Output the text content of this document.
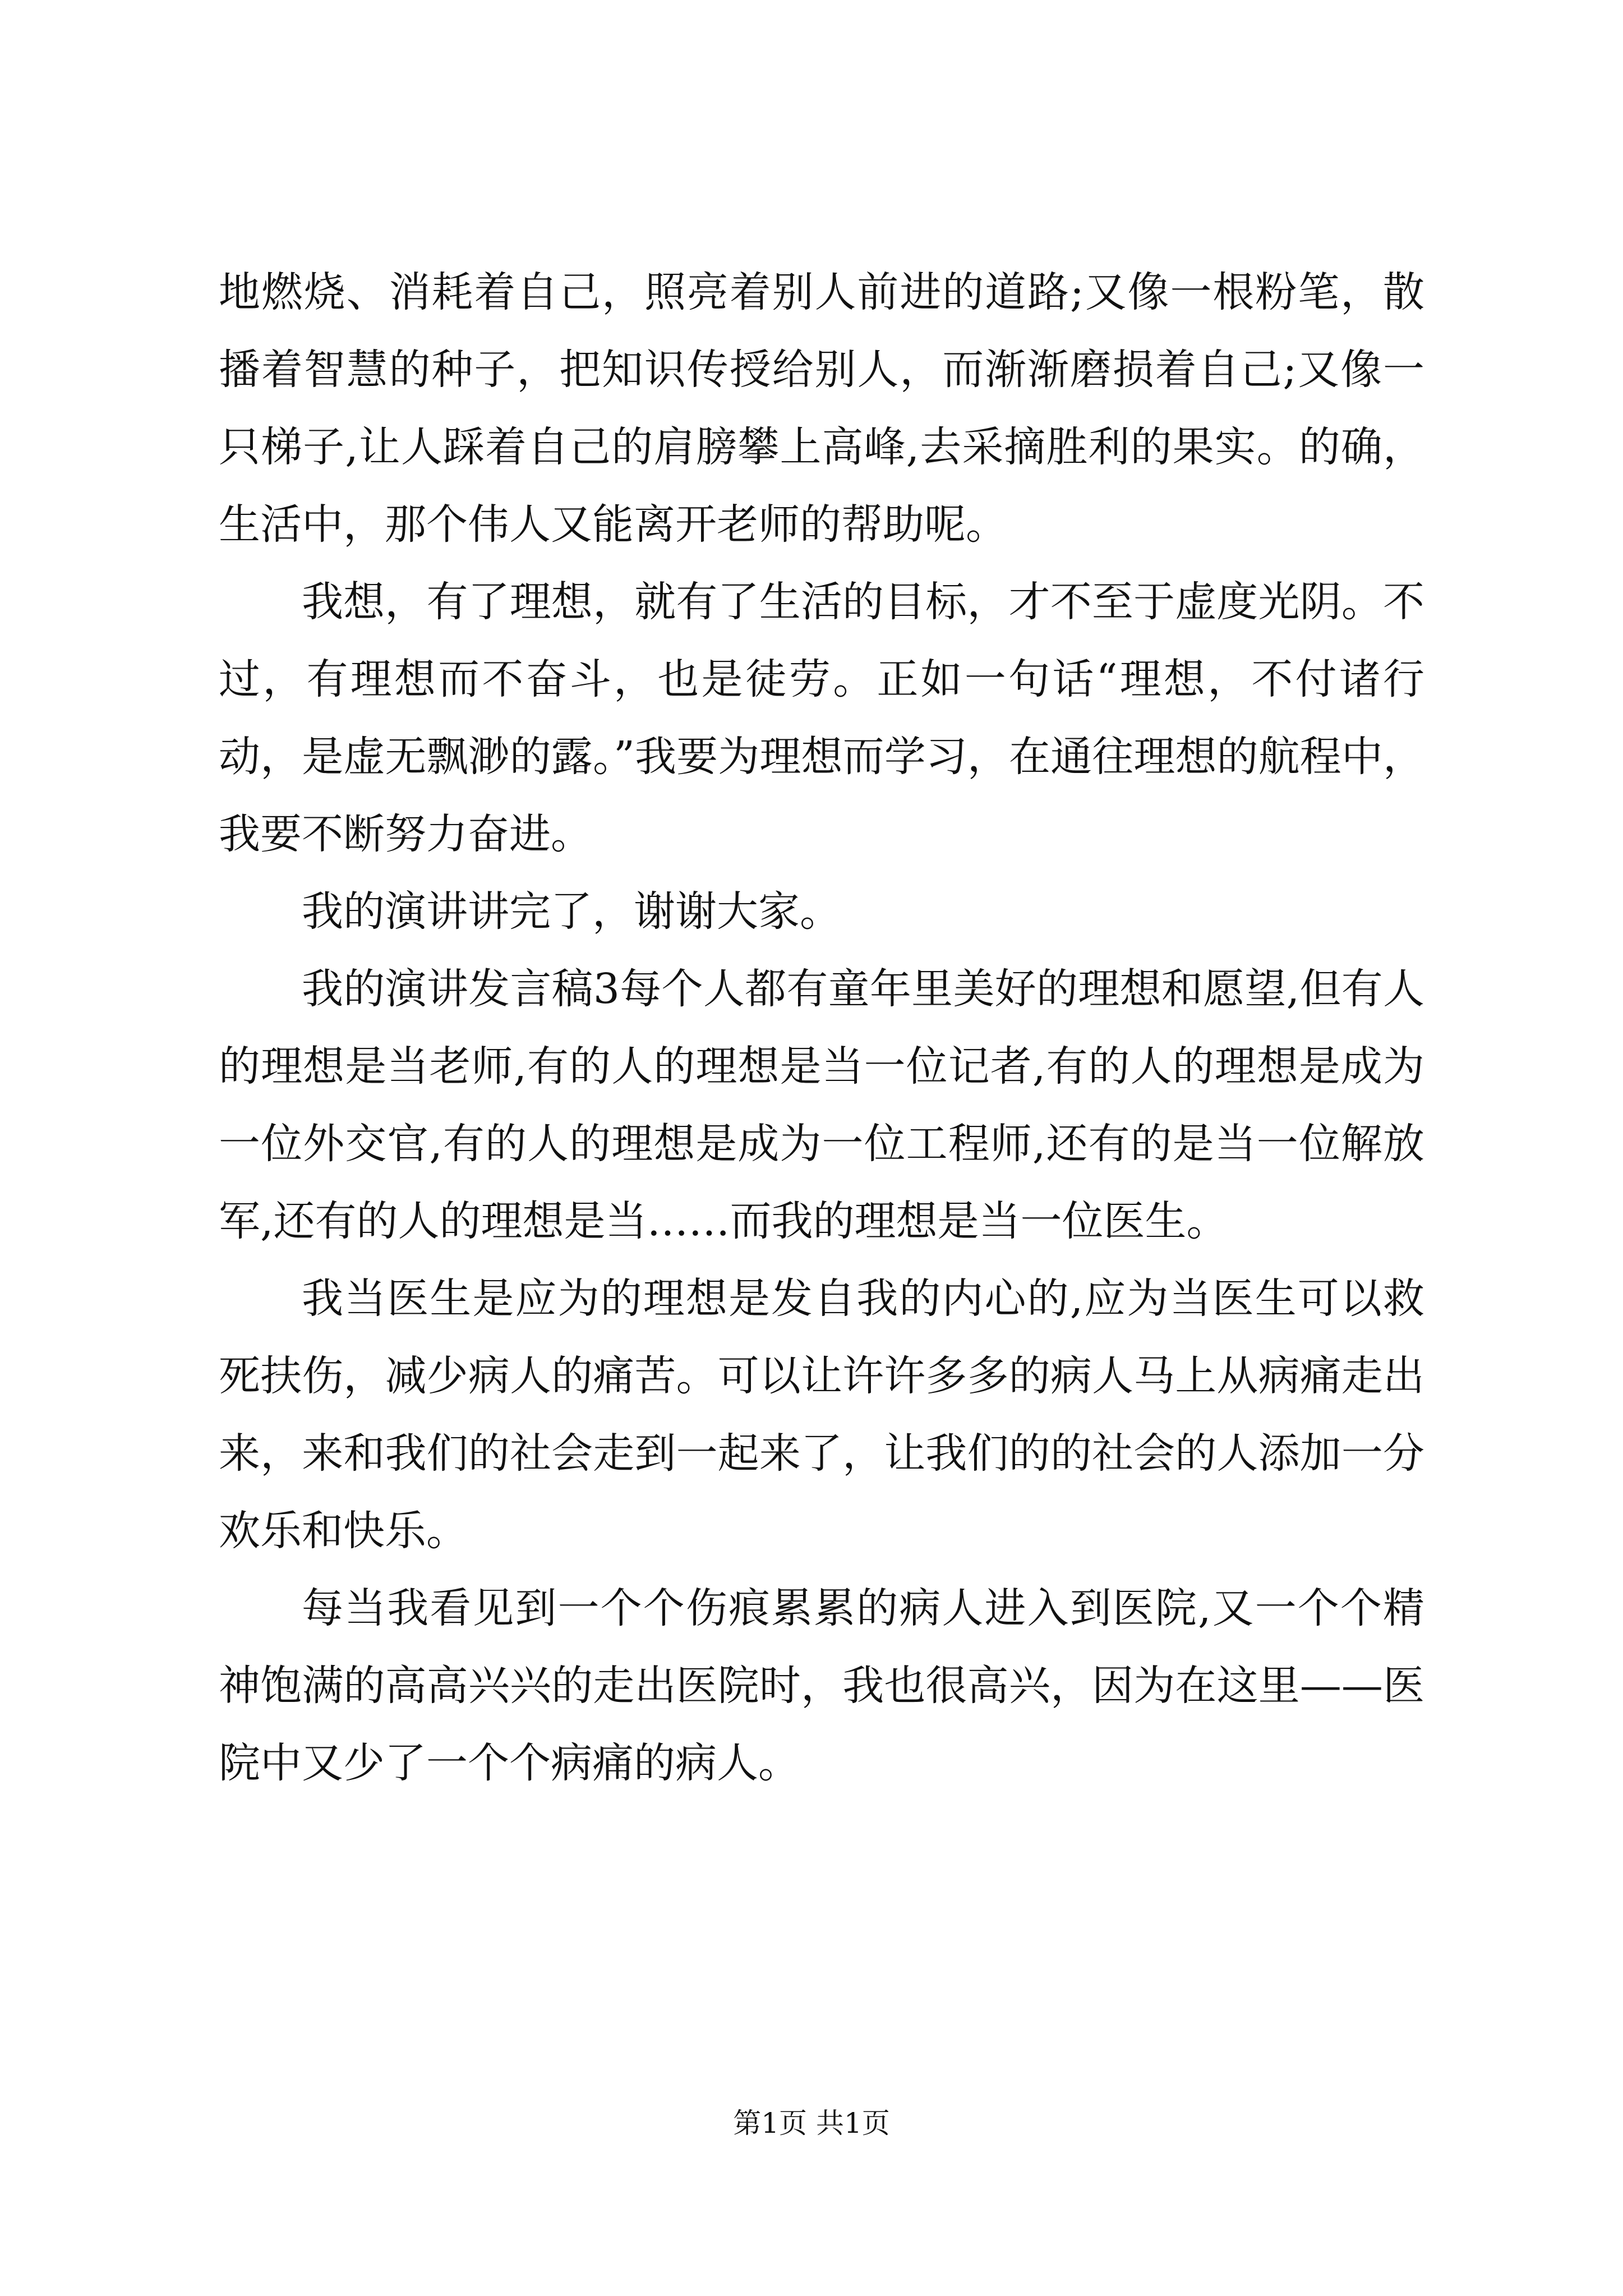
地燃烧、消耗着自己，照亮着别人前进的道路;又像一根粉笔，散播着智慧的种子，把知识传授给别人，而渐渐磨损着自己;又像一只梯子,让人踩着自己的肩膀攀上高峰,去采摘胜利的果实。的确，生活中，那个伟人又能离开老师的帮助呢。

我想，有了理想，就有了生活的目标，才不至于虚度光阴。不过，有理想而不奋斗，也是徒劳。正如一句话“理想，不付诸行动，是虚无飘渺的露。”我要为理想而学习，在通往理想的航程中，我要不断努力奋进。

我的演讲讲完了，谢谢大家。

我的演讲发言稿3每个人都有童年里美好的理想和愿望,但有人的理想是当老师,有的人的理想是当一位记者,有的人的理想是成为一位外交官,有的人的理想是成为一位工程师,还有的是当一位解放军,还有的人的理想是当……而我的理想是当一位医生。

我当医生是应为的理想是发自我的内心的,应为当医生可以救死扶伤，减少病人的痛苦。可以让许许多多的病人马上从病痛走出来，来和我们的社会走到一起来了，让我们的的社会的人添加一分欢乐和快乐。

每当我看见到一个个伤痕累累的病人进入到医院,又一个个精神饱满的高高兴兴的走出医院时，我也很高兴，因为在这里——医院中又少了一个个病痛的病人。

第1页 共1页
